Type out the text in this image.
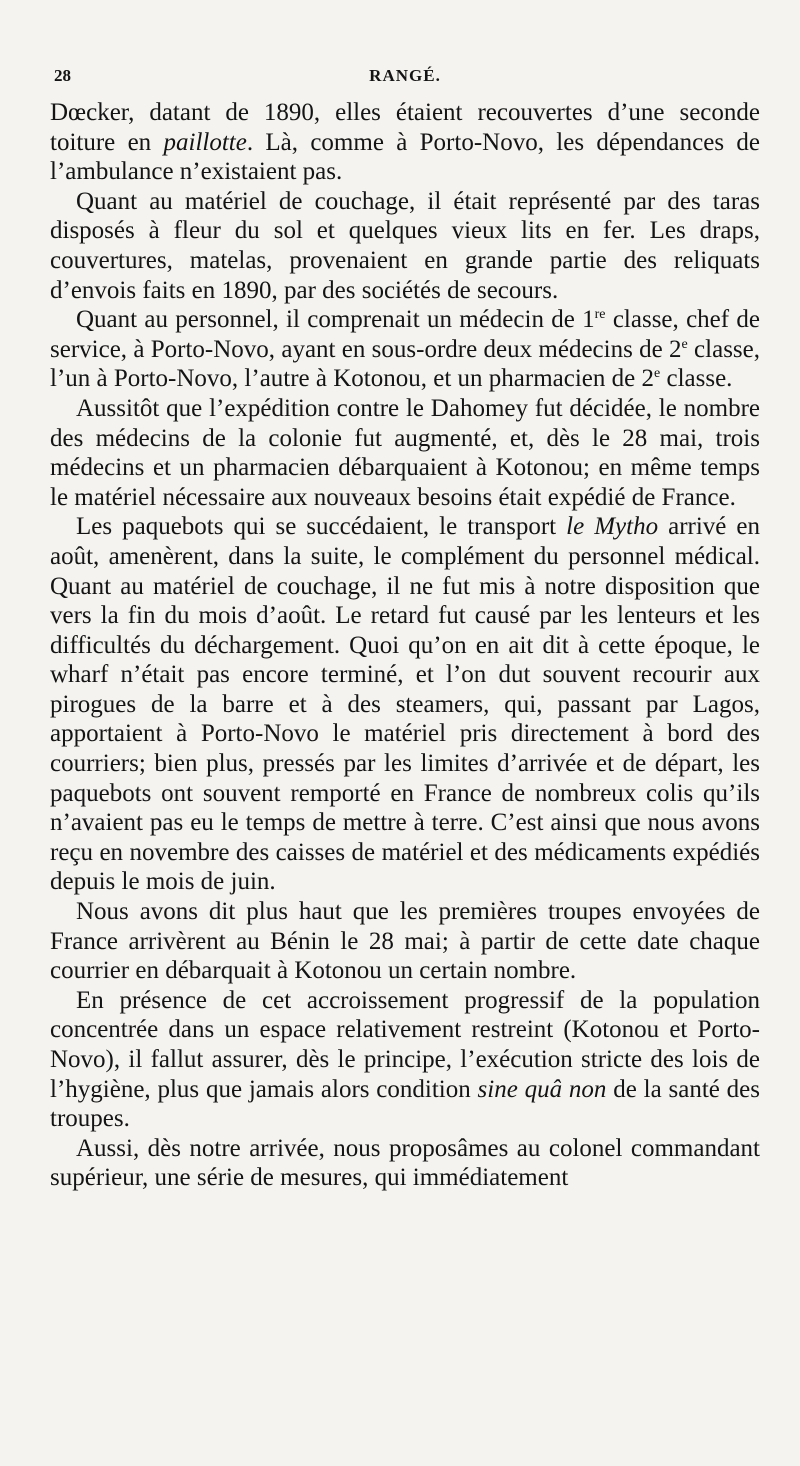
28	RANGÉ.

Dœcker, datant de 1890, elles étaient recouvertes d’une seconde toiture en paillotte. Là, comme à Porto-Novo, les dépendances de l’ambulance n’existaient pas.

Quant au matériel de couchage, il était représenté par des taras disposés à fleur du sol et quelques vieux lits en fer. Les draps, couvertures, matelas, provenaient en grande partie des reliquats d’envois faits en 1890, par des sociétés de secours.

Quant au personnel, il comprenait un médecin de 1re classe, chef de service, à Porto-Novo, ayant en sous-ordre deux médecins de 2e classe, l’un à Porto-Novo, l’autre à Kotonou, et un pharmacien de 2e classe.

Aussitôt que l’expédition contre le Dahomey fut décidée, le nombre des médecins de la colonie fut augmenté, et, dès le 28 mai, trois médecins et un pharmacien débarquaient à Kotonou; en même temps le matériel nécessaire aux nouveaux besoins était expédié de France.

Les paquebots qui se succédaient, le transport le Mytho arrivé en août, amenèrent, dans la suite, le complément du personnel médical. Quant au matériel de couchage, il ne fut mis à notre disposition que vers la fin du mois d’août. Le retard fut causé par les lenteurs et les difficultés du déchargement. Quoi qu’on en ait dit à cette époque, le wharf n’était pas encore terminé, et l’on dut souvent recourir aux pirogues de la barre et à des steamers, qui, passant par Lagos, apportaient à Porto-Novo le matériel pris directement à bord des courriers; bien plus, pressés par les limites d’arrivée et de départ, les paquebots ont souvent remporté en France de nombreux colis qu’ils n’avaient pas eu le temps de mettre à terre. C’est ainsi que nous avons reçu en novembre des caisses de matériel et des médicaments expédiés depuis le mois de juin.

Nous avons dit plus haut que les premières troupes envoyées de France arrivèrent au Bénin le 28 mai; à partir de cette date chaque courrier en débarquait à Kotonou un certain nombre.

En présence de cet accroissement progressif de la population concentrée dans un espace relativement restreint (Kotonou et Porto-Novo), il fallut assurer, dès le principe, l’exécution stricte des lois de l’hygiène, plus que jamais alors condition sine quâ non de la santé des troupes.

Aussi, dès notre arrivée, nous proposâmes au colonel commandant supérieur, une série de mesures, qui immédiatement
